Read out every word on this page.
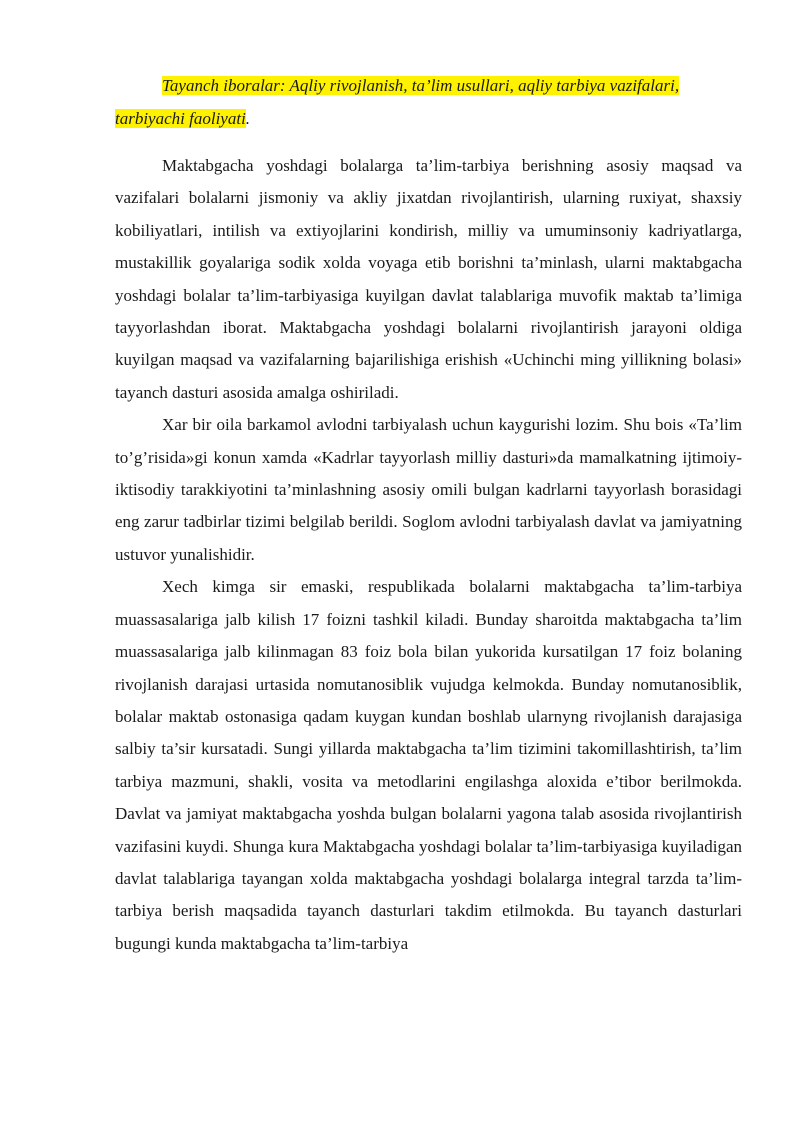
Tayanch iboralar: Aqliy rivojlanish, ta’lim usullari, aqliy tarbiya vazifalari, tarbiyachi faoliyati.

Maktabgacha yoshdagi bolalarga ta’lim-tarbiya berishning asosiy maqsad va vazifalari bolalarni jismoniy va akliy jixatdan rivojlantirish, ularning ruxiyat, shaxsiy kobiliyatlari, intilish va extiyojlarini kondirish, milliy va umuminsoniy kadriyatlarga, mustakillik goyalariga sodik xolda voyaga etib borishni ta’minlash, ularni maktabgacha yoshdagi bolalar ta’lim-tarbiyasiga kuyilgan davlat talablariga muvofik maktab ta’limiga tayyorlashdan iborat. Maktabgacha yoshdagi bolalarni rivojlantirish jarayoni oldiga kuyilgan maqsad va vazifalarning bajarilishiga erishish «Uchinchi ming yillikning bolasi» tayanch dasturi asosida amalga oshiriladi.

Xar bir oila barkamol avlodni tarbiyalash uchun kaygurishi lozim. Shu bois «Ta’lim to’g’risida»gi konun xamda «Kadrlar tayyorlash milliy dasturi»da mamalkatning ijtimoiy-iktisodiy tarakkiyotini ta’minlashning asosiy omili bulgan kadrlarni tayyorlash borasidagi eng zarur tadbirlar tizimi belgilab berildi. Soglom avlodni tarbiyalash davlat va jamiyatning ustuvor yunalishidir.

Xech kimga sir emaski, respublikada bolalarni maktabgacha ta’lim-tarbiya muassasalariga jalb kilish 17 foizni tashkil kiladi. Bunday sharoitda maktabgacha ta’lim muassasalariga jalb kilinmagan 83 foiz bola bilan yukorida kursatilgan 17 foiz bolaning rivojlanish darajasi urtasida nomutanosiblik vujudga kelmokda. Bunday nomutanosiblik, bolalar maktab ostonasiga qadam kuygan kundan boshlab ularnyng rivojlanish darajasiga salbiy ta’sir kursatadi. Sungi yillarda maktabgacha ta’lim tizimini takomillashtirish, ta’lim tarbiya mazmuni, shakli, vosita va metodlarini engilashga aloxida e’tibor berilmokda. Davlat va jamiyat maktabgacha yoshda bulgan bolalarni yagona talab asosida rivojlantirish vazifasini kuydi. Shunga kura Maktabgacha yoshdagi bolalar ta’lim-tarbiyasiga kuyiladigan davlat talablariga tayangan xolda maktabgacha yoshdagi bolalarga integral tarzda ta’lim-tarbiya berish maqsadida tayanch dasturlari takdim etilmokda. Bu tayanch dasturlari bugungi kunda maktabgacha ta’lim-tarbiya
